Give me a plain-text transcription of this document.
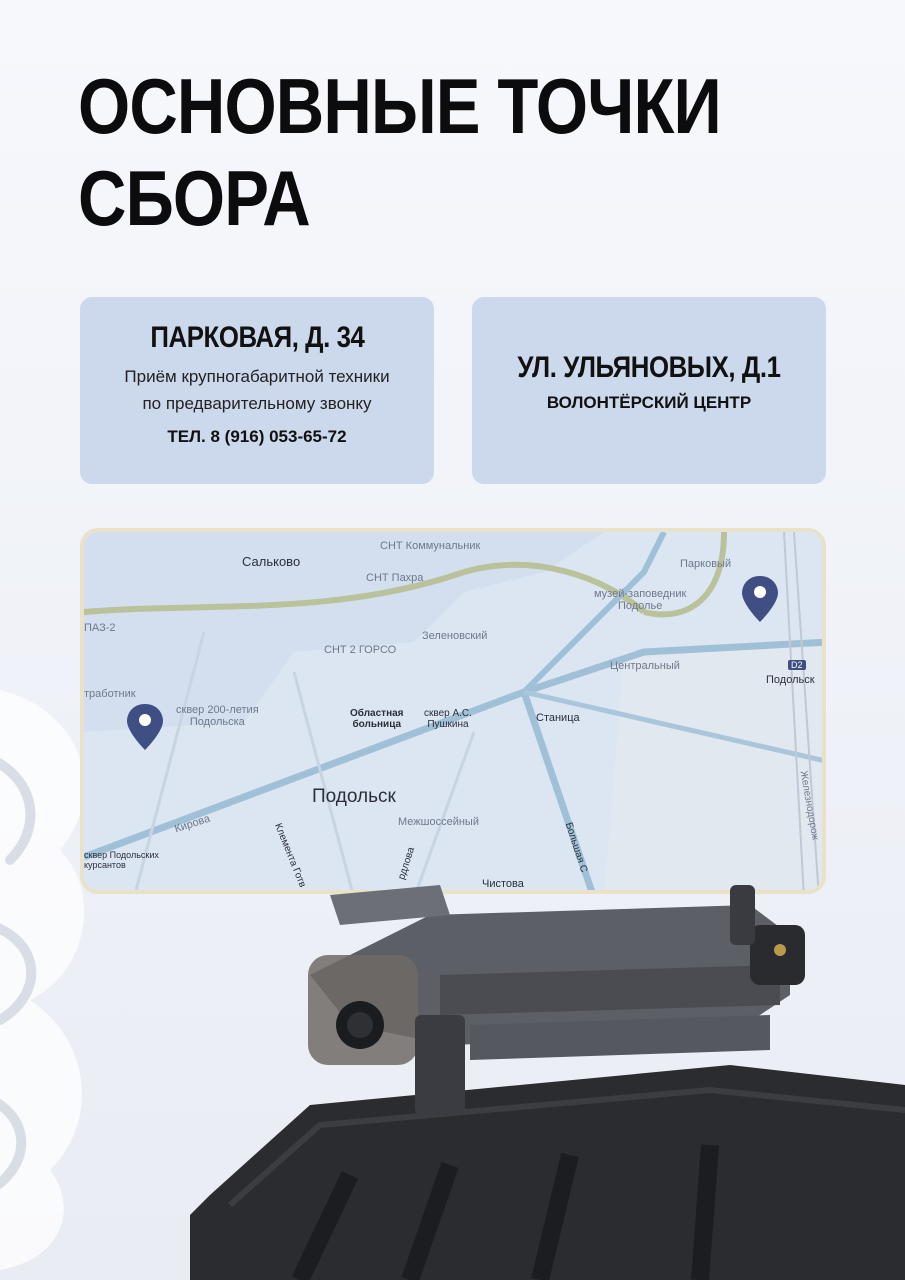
ОСНОВНЫЕ ТОЧКИ
СБОРА
ПАРКОВАЯ, Д. 34
Приём крупногабаритной техники
по предварительному звонку
ТЕЛ. 8 (916) 053-65-72
УЛ. УЛЬЯНОВЫХ, Д.1
ВОЛОНТЁРСКИЙ ЦЕНТР
Сальково
СНТ Коммунальник
СНТ Пахра
музей-заповедник
Подолье
Парковый
ПАЗ-2
СНТ 2 ГОРСО
Зеленовский
Центральный	D2
Подольск
тработник
сквер 200-летия
Подольска
Областная
больница
сквер А.С.
Пушкина
Станица
Подольск
Межшоссейный
Кирова	Клемента Готв
сквер Подольских
курсантов	рдлова	Большая С
Чистова
Железнодорож
